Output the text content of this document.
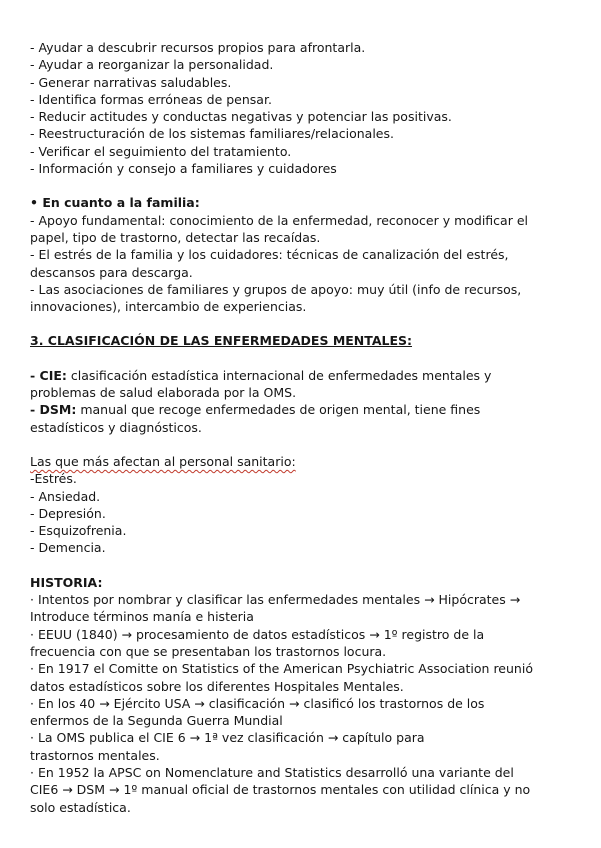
- Ayudar a descubrir recursos propios para afrontarla.
- Ayudar a reorganizar la personalidad.
- Generar narrativas saludables.
- Identifica formas erróneas de pensar.
- Reducir actitudes y conductas negativas y potenciar las positivas.
- Reestructuración de los sistemas familiares/relacionales.
- Verificar el seguimiento del tratamiento.
- Información y consejo a familiares y cuidadores
• En cuanto a la familia:
- Apoyo fundamental: conocimiento de la enfermedad, reconocer y modificar el
papel, tipo de trastorno, detectar las recaídas.
- El estrés de la familia y los cuidadores: técnicas de canalización del estrés,
descansos para descarga.
- Las asociaciones de familiares y grupos de apoyo: muy útil (info de recursos,
innovaciones), intercambio de experiencias.
3. CLASIFICACIÓN DE LAS ENFERMEDADES MENTALES:
- CIE: clasificación estadística internacional de enfermedades mentales y
problemas de salud elaborada por la OMS.
- DSM: manual que recoge enfermedades de origen mental, tiene fines
estadísticos y diagnósticos.
Las que más afectan al personal sanitario:
-Estrés.
- Ansiedad.
- Depresión.
- Esquizofrenia.
- Demencia.
HISTORIA:
· Intentos por nombrar y clasificar las enfermedades mentales → Hipócrates →
Introduce términos manía e histeria
· EEUU (1840) → procesamiento de datos estadísticos → 1º registro de la
frecuencia con que se presentaban los trastornos locura.
· En 1917 el Comitte on Statistics of the American Psychiatric Association reunió
datos estadísticos sobre los diferentes Hospitales Mentales.
· En los 40 → Ejército USA → clasificación → clasificó los trastornos de los
enfermos de la Segunda Guerra Mundial
· La OMS publica el CIE 6 → 1ª vez clasificación → capítulo para
trastornos mentales.
· En 1952 la APSC on Nomenclature and Statistics desarrolló una variante del
CIE6 → DSM → 1º manual oficial de trastornos mentales con utilidad clínica y no
solo estadística.
